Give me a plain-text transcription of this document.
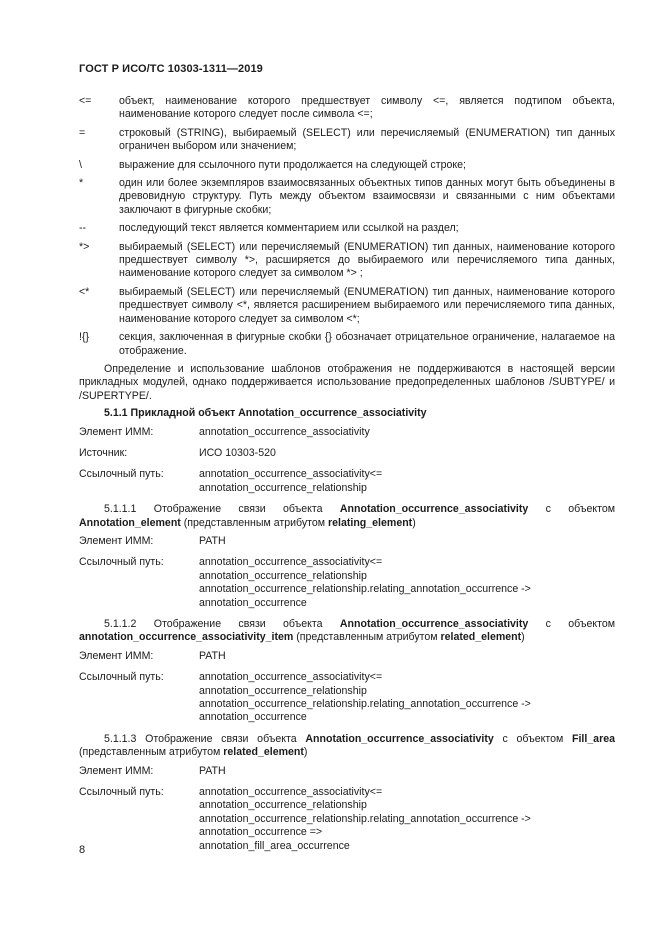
ГОСТ Р ИСО/ТС 10303-1311—2019
<=	объект, наименование которого предшествует символу <=, является подтипом объекта, наименование которого следует после символа <=;
=	строковый (STRING), выбираемый (SELECT) или перечисляемый (ENUMERATION) тип данных ограничен выбором или значением;
\	выражение для ссылочного пути продолжается на следующей строке;
*	один или более экземпляров взаимосвязанных объектных типов данных могут быть объединены в древовидную структуру. Путь между объектом взаимосвязи и связанными с ним объектами заключают в фигурные скобки;
--	последующий текст является комментарием или ссылкой на раздел;
*>	выбираемый (SELECT) или перечисляемый (ENUMERATION) тип данных, наименование которого предшествует символу *>, расширяется до выбираемого или перечисляемого типа данных, наименование которого следует за символом *> ;
<*	выбираемый (SELECT) или перечисляемый (ENUMERATION) тип данных, наименование которого предшествует символу <*, является расширением выбираемого или перечисляемого типа данных, наименование которого следует за символом <*;
!{}	секция, заключенная в фигурные скобки {} обозначает отрицательное ограничение, налагаемое на отображение.

Определение и использование шаблонов отображения не поддерживаются в настоящей версии прикладных модулей, однако поддерживается использование предопределенных шаблонов /SUBTYPE/ и /SUPERTYPE/.

5.1.1 Прикладной объект Annotation_occurrence_associativity
Элемент ИММ:	annotation_occurrence_associativity
Источник:	ИСО 10303-520
Ссылочный путь:	annotation_occurrence_associativity<=
annotation_occurrence_relationship

5.1.1.1 Отображение связи объекта Annotation_occurrence_associativity с объектом Annotation_element (представленным атрибутом relating_element)

Элемент ИММ:	PATH
Ссылочный путь:	annotation_occurrence_associativity<=
annotation_occurrence_relationship
annotation_occurrence_relationship.relating_annotation_occurrence ->
annotation_occurrence

5.1.1.2 Отображение связи объекта Annotation_occurrence_associativity с объектом annotation_occurrence_associativity_item (представленным атрибутом related_element)

Элемент ИММ:	PATH
Ссылочный путь:	annotation_occurrence_associativity<=
annotation_occurrence_relationship
annotation_occurrence_relationship.relating_annotation_occurrence ->
annotation_occurrence

5.1.1.3 Отображение связи объекта Annotation_occurrence_associativity с объектом Fill_area (представленным атрибутом related_element)

Элемент ИММ:	PATH
Ссылочный путь:	annotation_occurrence_associativity<=
annotation_occurrence_relationship
annotation_occurrence_relationship.relating_annotation_occurrence ->
annotation_occurrence =>
annotation_fill_area_occurrence
8
